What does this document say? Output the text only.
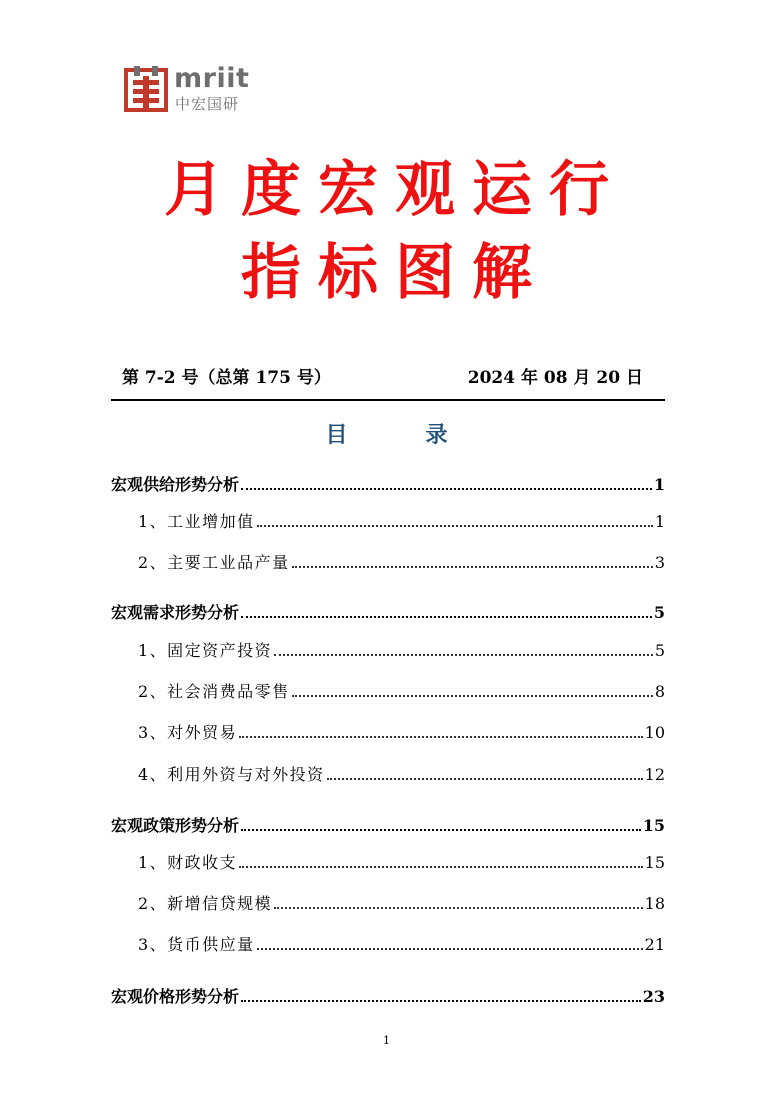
mriit
中宏国研
月度宏观运行
指标图解
第 7-2 号（总第 175 号）	2024 年 08 月 20 日
目　录
宏观供给形势分析	1
1、工业增加值	1
2、主要工业品产量	3
宏观需求形势分析	5
1、固定资产投资	5
2、社会消费品零售	8
3、对外贸易	10
4、利用外资与对外投资	12
宏观政策形势分析	15
1、财政收支	15
2、新增信贷规模	18
3、货币供应量	21
宏观价格形势分析	23
1
